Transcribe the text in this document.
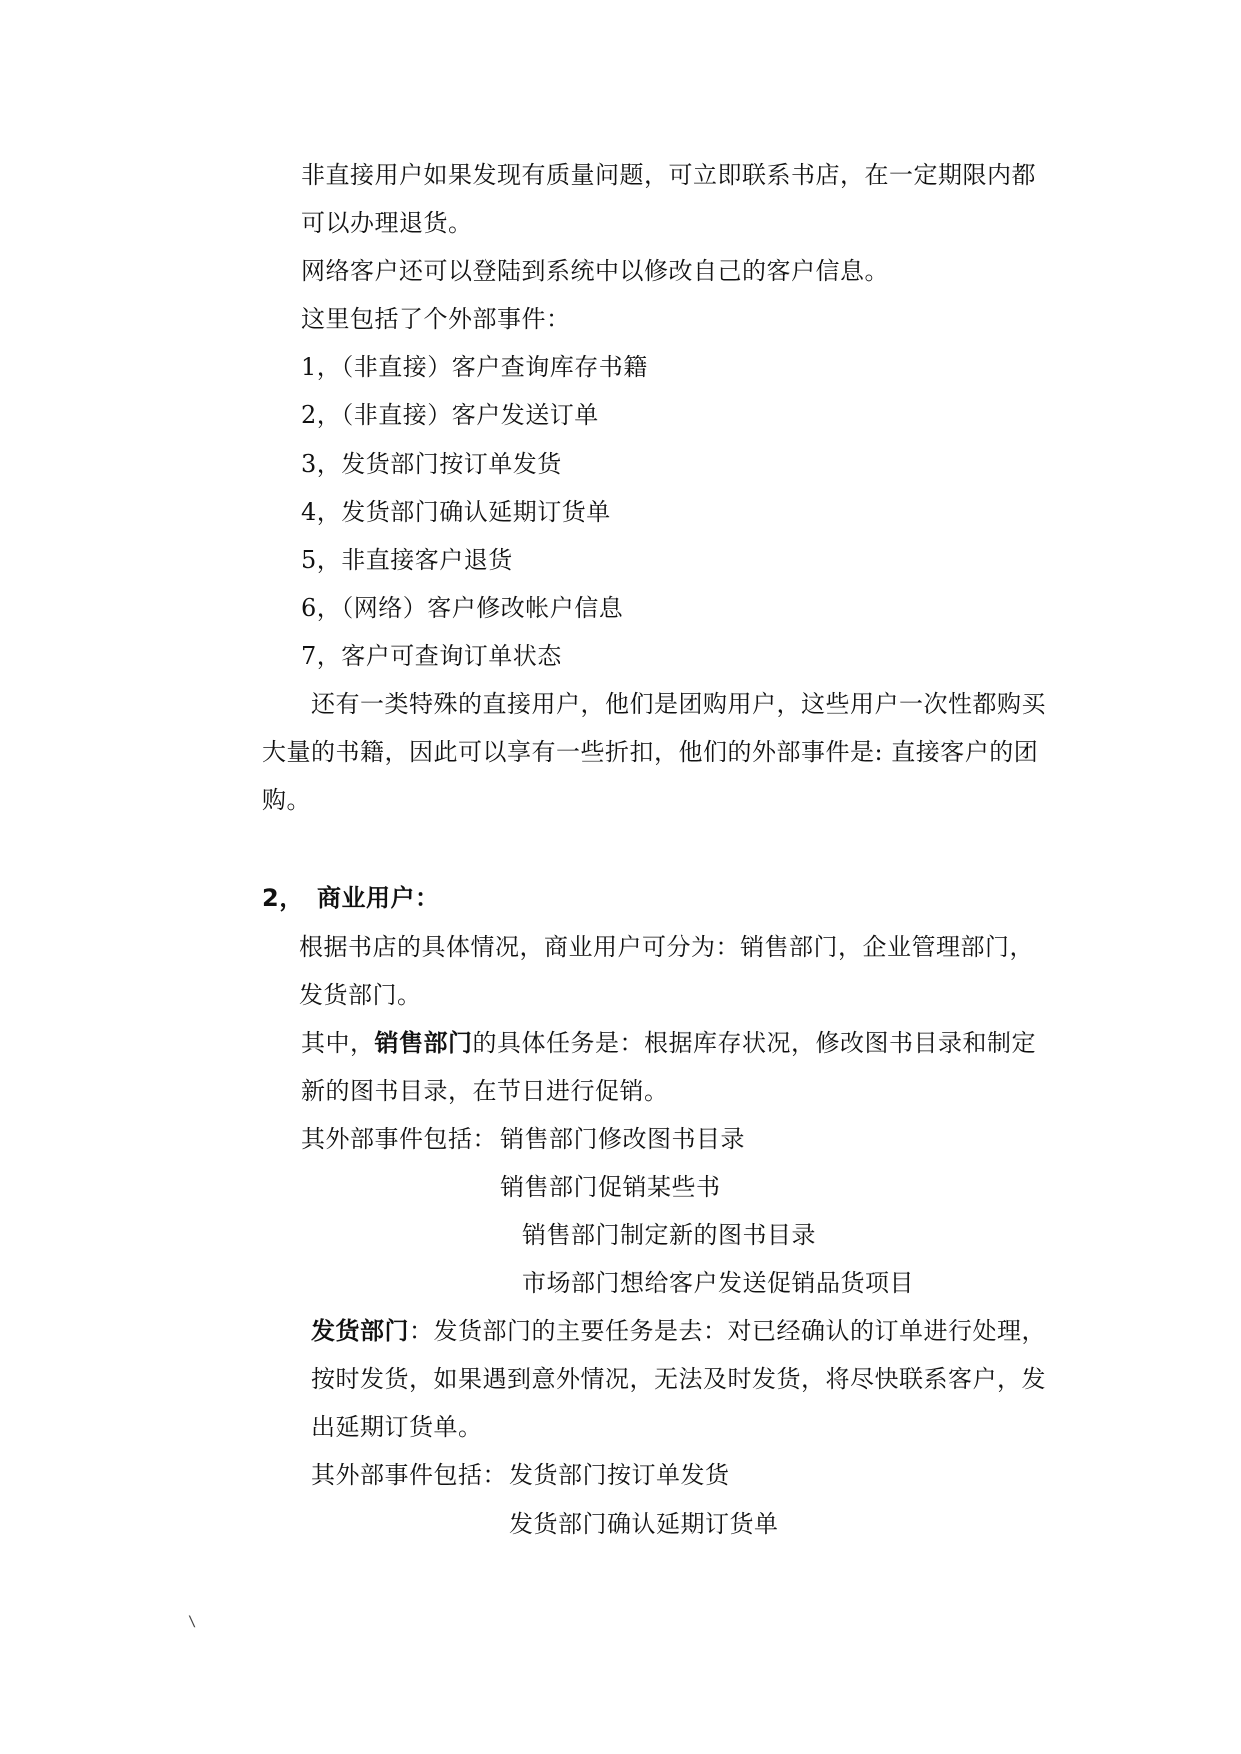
非直接用户如果发现有质量问题，可立即联系书店，在一定期限内都
可以办理退货。
网络客户还可以登陆到系统中以修改自己的客户信息。
这里包括了个外部事件：
1，（非直接）客户查询库存书籍
2，（非直接）客户发送订单
3，发货部门按订单发货
4，发货部门确认延期订货单
5，非直接客户退货
6，（网络）客户修改帐户信息
7，客户可查询订单状态
还有一类特殊的直接用户，他们是团购用户，这些用户一次性都购买
大量的书籍，因此可以享有一些折扣，他们的外部事件是: 直接客户的团
购。
2， 商业用户：
根据书店的具体情况，商业用户可分为：销售部门，企业管理部门，
发货部门。
其中，销售部门的具体任务是：根据库存状况，修改图书目录和制定
新的图书目录，在节日进行促销。
其外部事件包括： 销售部门修改图书目录
销售部门促销某些书
销售部门制定新的图书目录
市场部门想给客户发送促销品货项目
发货部门：发货部门的主要任务是去：对已经确认的订单进行处理，
按时发货，如果遇到意外情况，无法及时发货，将尽快联系客户，发
出延期订货单。
其外部事件包括： 发货部门按订单发货
发货部门确认延期订货单
\
